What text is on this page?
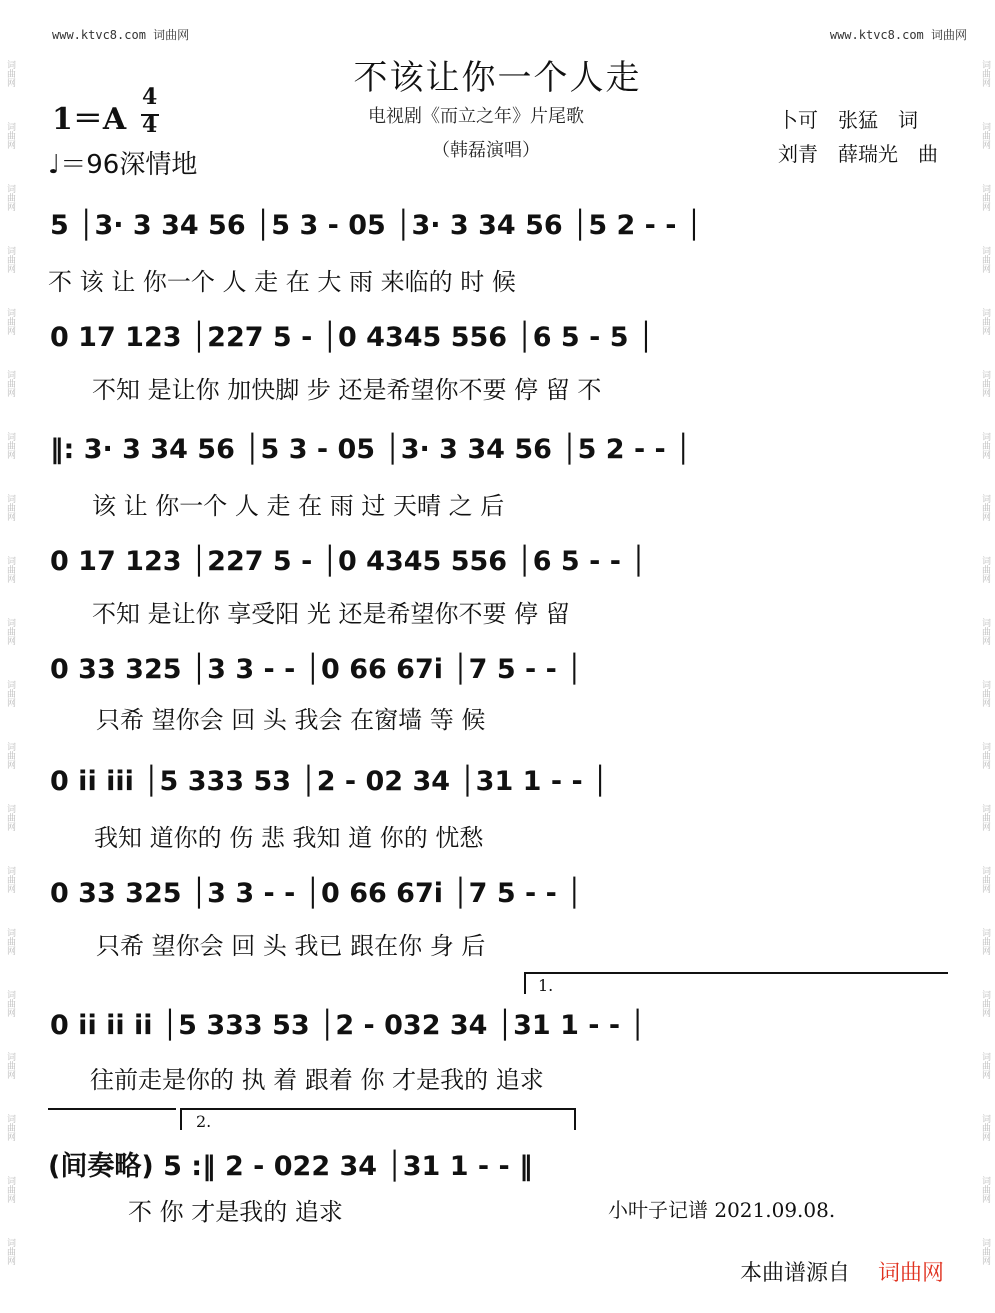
www.ktvc8.com 词曲网	www.ktvc8.com 词曲网
词曲网
词曲网
词曲网
词曲网
词曲网
词曲网
词曲网
词曲网
词曲网
词曲网
词曲网
词曲网
词曲网
词曲网
词曲网
词曲网
词曲网
词曲网
词曲网
词曲网
词曲网
词曲网
词曲网
词曲网
词曲网
词曲网
词曲网
词曲网
词曲网
词曲网
词曲网
词曲网
词曲网
词曲网
词曲网
词曲网
词曲网
词曲网
词曲网
词曲网
不该让你一个人走
1＝A
4
4
♩＝96深情地
电视剧《而立之年》片尾歌
（韩磊演唱）
卜可　张猛　词
刘青　薛瑞光　曲
5 │3· 3 34 56 │5 3 - 05 │3· 3 34 56 │5 2 - - │
不 该 让 你一个 人 走 在 大 雨 来临的 时 候
0 17 123 │227 5 - │0 4345 556 │6 5 - 5 │
不知 是让你 加快脚 步 还是希望你不要 停 留 不
‖: 3· 3 34 56 │5 3 - 05 │3· 3 34 56 │5 2 - - │
该 让 你一个 人 走 在 雨 过 天晴 之 后
0 17 123 │227 5 - │0 4345 556 │6 5 - - │
不知 是让你 享受阳 光 还是希望你不要 停 留
0 33 325 │3 3 - - │0 66 67i │7 5 - - │
只希 望你会 回 头 我会 在窗墙 等 候
0 ii iii │5 333 53 │2 - 02 34 │31 1 - - │
我知 道你的 伤 悲 我知 道 你的 忧愁
0 33 325 │3 3 - - │0 66 67i │7 5 - - │
只希 望你会 回 头 我已 跟在你 身 后
1.
0 ii ii ii │5 333 53 │2 - 032 34 │31 1 - - │
往前走是你的 执 着 跟着 你 才是我的 追求
2.
(间奏略) 5 :‖ 2 - 022 34 │31 1 - - ‖
不 你 才是我的 追求	小叶子记谱 2021.09.08.
本曲谱源自 词曲网
